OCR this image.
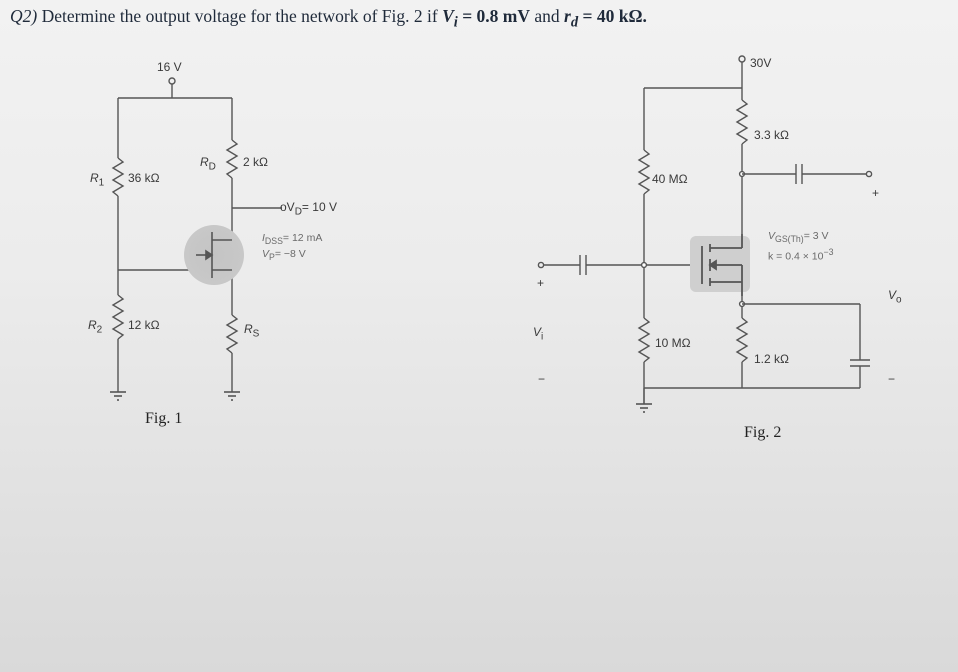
Q2) Determine the output voltage for the network of Fig. 2 if $V_i = 0.8$ mV and $r_d = 40$ kΩ.
16 V
$R_1$ 36 kΩ
$R_D$ 2 kΩ
$oV_D= 10$ V
$I_{DSS}= 12$ mA
$V_P= -8$ V
$R_2$ 12 kΩ	$R_S$
Fig. 1
30V
3.3 kΩ
40 MΩ
+
$V_{GS(Th)}= 3$ V
$k = 0.4 \times 10^{-3}$
$V_o$
+
$V_i$
−
10 MΩ
1.2 kΩ
−
Fig. 2
